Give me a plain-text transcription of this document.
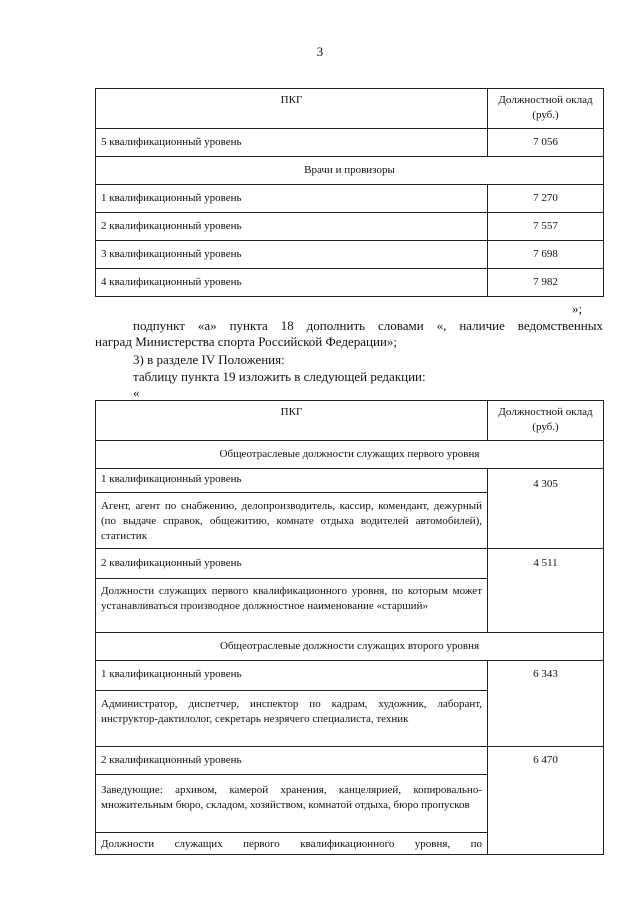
3
ПКГ	Должностной оклад (руб.)
5 квалификационный уровень	7 056
Врачи и провизоры	
1 квалификационный уровень	7 270
2 квалификационный уровень	7 557
3 квалификационный уровень	7 698
4 квалификационный уровень	7 982
»;
подпункт «а» пункта 18 дополнить словами «, наличие ведомственных
наград Министерства спорта Российской Федерации»;
3) в разделе IV Положения:
таблицу пункта 19 изложить в следующей редакции:
«
ПКГ	Должностной оклад (руб.)
Общеотраслевые должности служащих первого уровня	
1 квалификационный уровень	4 305
Агент, агент по снабжению, делопроизводитель, кассир, комендант, дежурный (по выдаче справок, общежитию, комнате отдыха водителей автомобилей), статистик	
2 квалификационный уровень	4 511
Должности служащих первого квалификационного уровня, по которым может устанавливаться производное должностное наименование «старший»	
Общеотраслевые должности служащих второго уровня	
1 квалификационный уровень	6 343
Администратор, диспетчер, инспектор по кадрам, художник, лаборант, инструктор-дактилолог, секретарь незрячего специалиста, техник	
2 квалификационный уровень	6 470
Заведующие: архивом, камерой хранения, канцелярией, копировально-множительным бюро, складом, хозяйством, комнатой отдыха, бюро пропусков	
Должности служащих первого квалификационного уровня, по	
